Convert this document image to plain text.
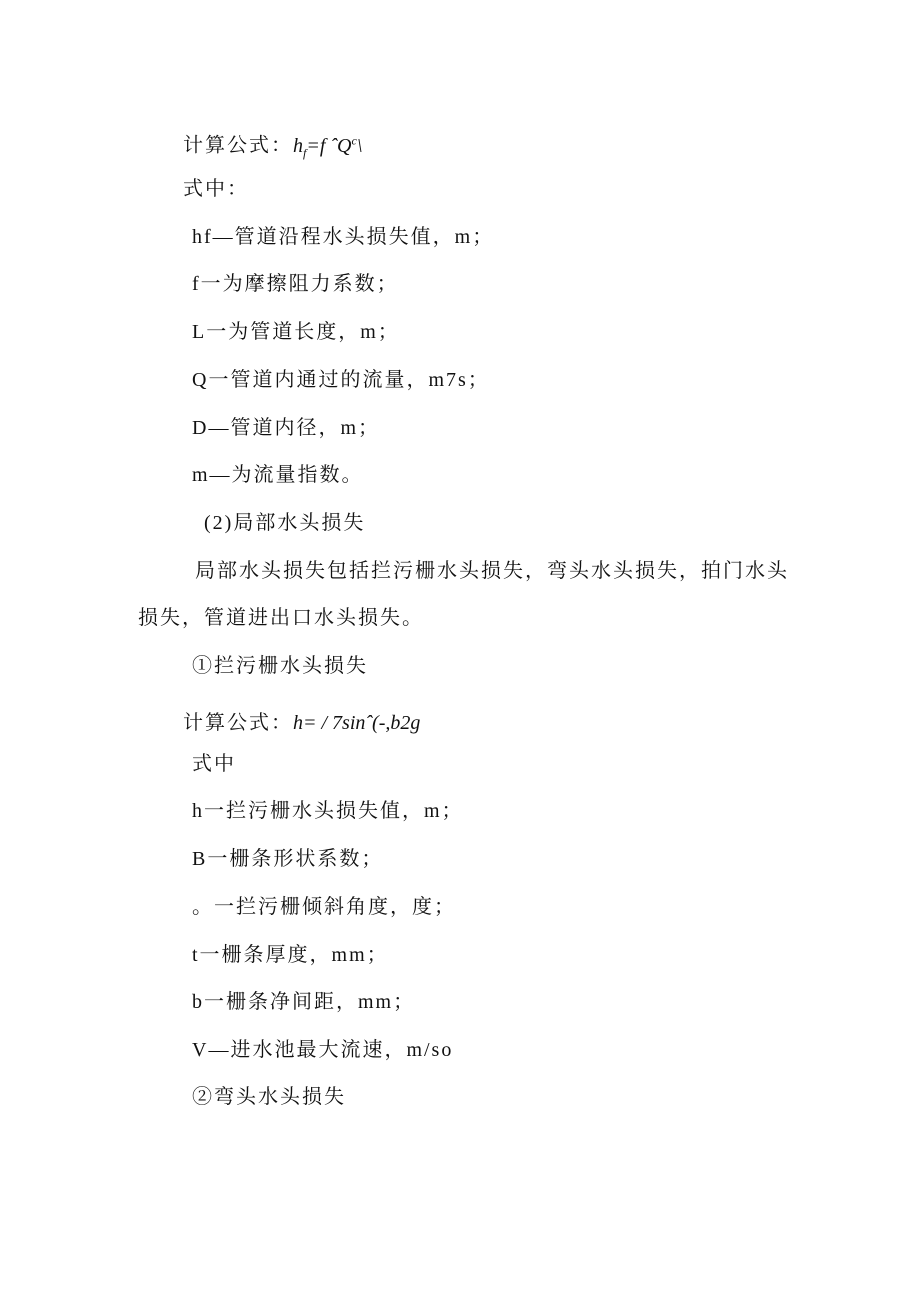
计算公式：$h_f=f$ ˆQ$^c$\
式中：
hf—管道沿程水头损失值，m；
f一为摩擦阻力系数；
L一为管道长度，m；
Q一管道内通过的流量，m7s；
D—管道内径，m；
m—为流量指数。
(2)局部水头损失
局部水头损失包括拦污栅水头损失，弯头水头损失，拍门水头
损失，管道进出口水头损失。
①拦污栅水头损失
计算公式：h= / 7sinˆ(-,b2g
式中
h一拦污栅水头损失值，m；
B一栅条形状系数；
。一拦污栅倾斜角度，度；
t一栅条厚度，mm；
b一栅条净间距，mm；
V—进水池最大流速，m/so
②弯头水头损失
